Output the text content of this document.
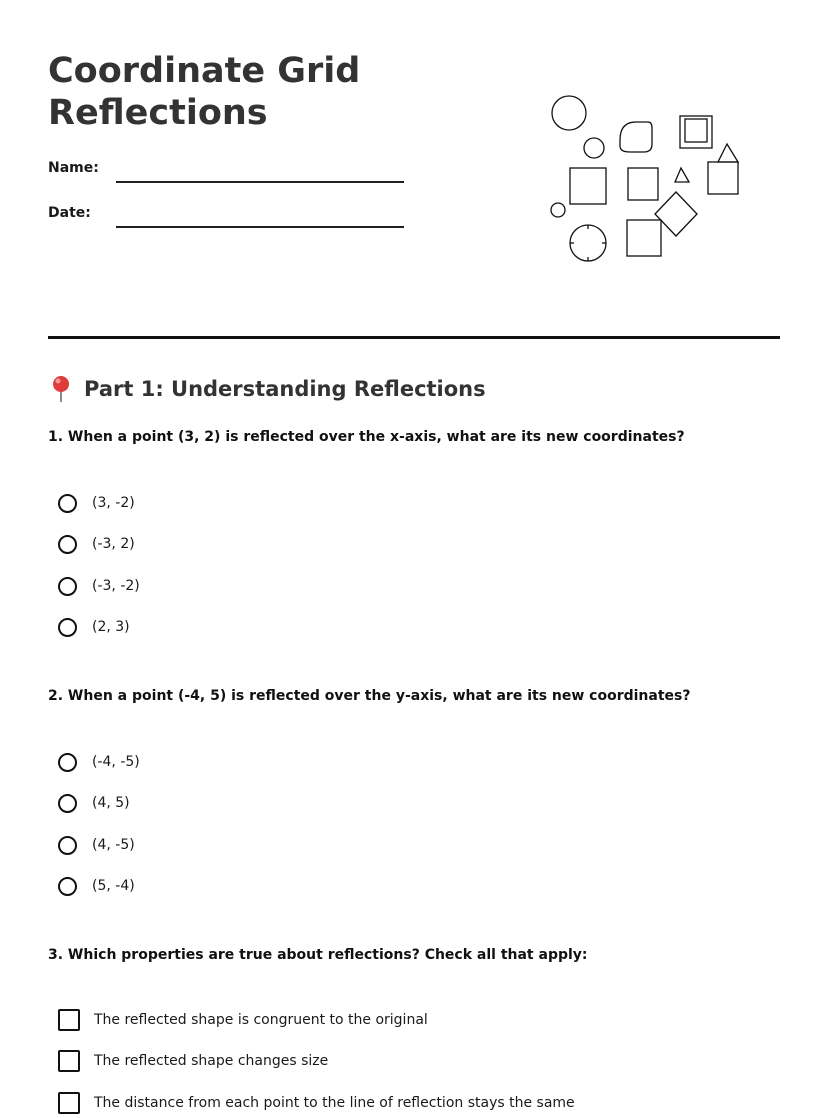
Coordinate Grid Reflections
Name:
Date:
Part 1: Understanding Reflections

1. When a point (3, 2) is reflected over the x-axis, what are its new coordinates?

(3, -2)
(-3, 2)
(-3, -2)
(2, 3)

2. When a point (-4, 5) is reflected over the y-axis, what are its new coordinates?

(-4, -5)
(4, 5)
(4, -5)
(5, -4)

3. Which properties are true about reflections? Check all that apply:

The reflected shape is congruent to the original
The reflected shape changes size
The distance from each point to the line of reflection stays the same
